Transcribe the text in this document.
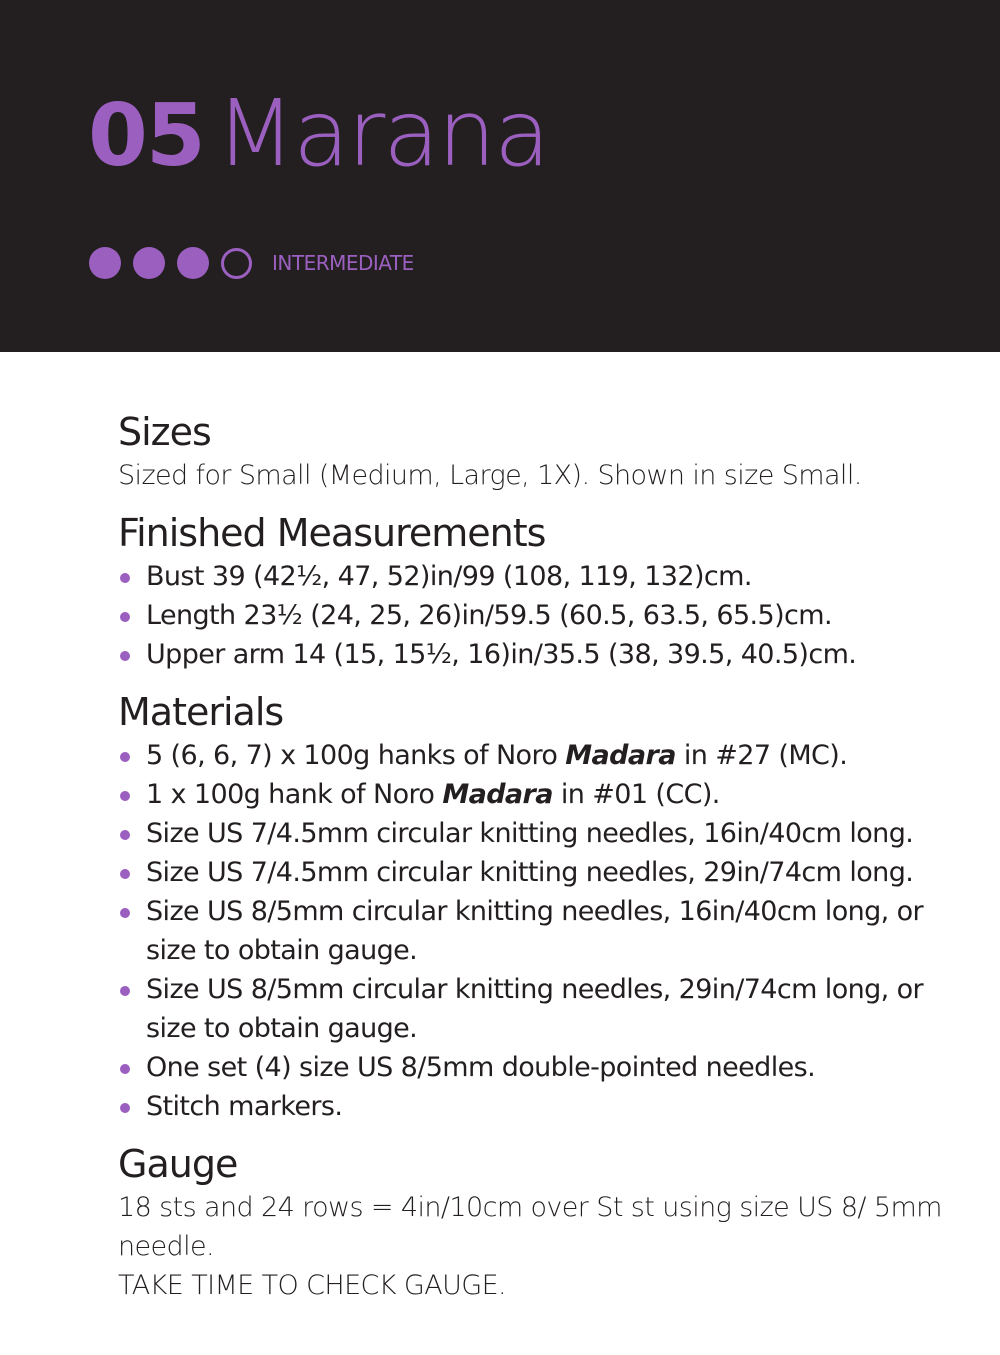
05 Marana
INTERMEDIATE
Sizes

Sized for Small (Medium, Large, 1X). Shown in size Small.

Finished Measurements
Bust 39 (42½, 47, 52)in/99 (108, 119, 132)cm.
Length 23½ (24, 25, 26)in/59.5 (60.5, 63.5, 65.5)cm.
Upper arm 14 (15, 15½, 16)in/35.5 (38, 39.5, 40.5)cm.
Materials
5 (6, 6, 7) x 100g hanks of Noro Madara in #27 (MC).
1 x 100g hank of Noro Madara in #01 (CC).
Size US 7/4.5mm circular knitting needles, 16in/40cm long.
Size US 7/4.5mm circular knitting needles, 29in/74cm long.
Size US 8/5mm circular knitting needles, 16in/40cm long, or size to obtain gauge.
Size US 8/5mm circular knitting needles, 29in/74cm long, or size to obtain gauge.
One set (4) size US 8/5mm double-pointed needles.
Stitch markers.
Gauge

18 sts and 24 rows = 4in/10cm over St st using size US 8/ 5mm needle.

TAKE TIME TO CHECK GAUGE.
